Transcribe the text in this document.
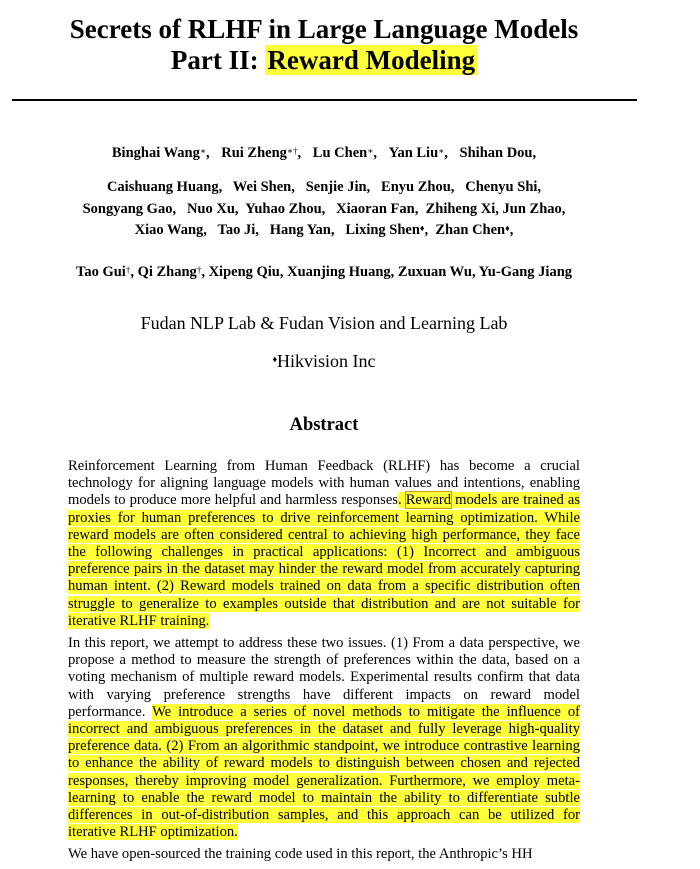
Secrets of RLHF in Large Language Models
Part II: Reward Modeling
Binghai Wang∗, Rui Zheng∗†, Lu Chen∗, Yan Liu∗, Shihan Dou,
Caishuang Huang,   Wei Shen,   Senjie Jin,   Enyu Zhou,   Chenyu Shi,
Songyang Gao,   Nuo Xu,  Yuhao Zhou,   Xiaoran Fan,  Zhiheng Xi, Jun Zhao,
Xiao Wang,   Tao Ji,   Hang Yan,   Lixing Shen♦,  Zhan Chen♦,
Tao Gui†, Qi Zhang†, Xipeng Qiu, Xuanjing Huang, Zuxuan Wu, Yu-Gang Jiang
Fudan NLP Lab & Fudan Vision and Learning Lab
♦Hikvision Inc
Abstract

Reinforcement Learning from Human Feedback (RLHF) has become a crucial technology for aligning language models with human values and intentions, enabling models to produce more helpful and harmless responses. Reward models are trained as proxies for human preferences to drive reinforcement learning optimization. While reward models are often considered central to achieving high performance, they face the following challenges in practical applications: (1) Incorrect and ambiguous preference pairs in the dataset may hinder the reward model from accurately capturing human intent. (2) Reward models trained on data from a specific distribution often struggle to generalize to examples outside that distribution and are not suitable for iterative RLHF training.

In this report, we attempt to address these two issues. (1) From a data perspective, we propose a method to measure the strength of preferences within the data, based on a voting mechanism of multiple reward models. Experimental results confirm that data with varying preference strengths have different impacts on reward model performance. We introduce a series of novel methods to mitigate the influence of incorrect and ambiguous preferences in the dataset and fully leverage high-quality preference data. (2) From an algorithmic standpoint, we introduce contrastive learning to enhance the ability of reward models to distinguish between chosen and rejected responses, thereby improving model generalization. Furthermore, we employ meta-learning to enable the reward model to maintain the ability to differentiate subtle differences in out-of-distribution samples, and this approach can be utilized for iterative RLHF optimization.

We have open-sourced the training code used in this report, the Anthropic’s HH
